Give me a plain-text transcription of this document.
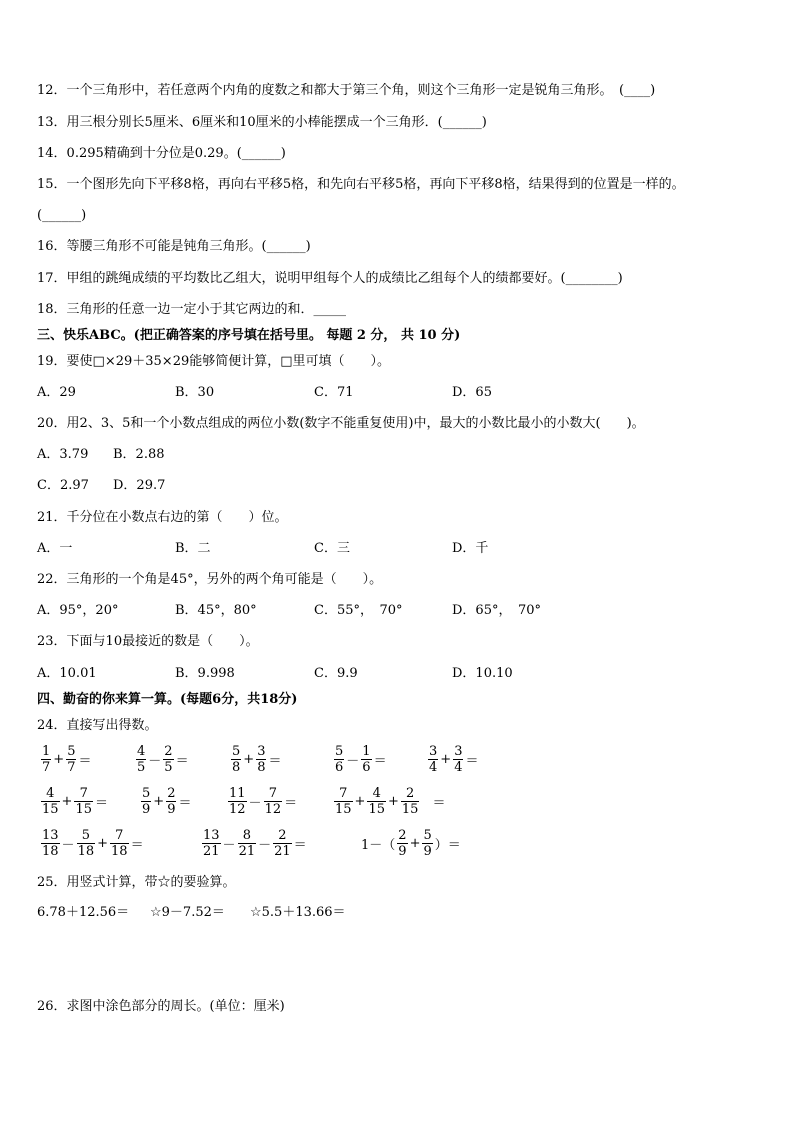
12．一个三角形中，若任意两个内角的度数之和都大于第三个角，则这个三角形一定是锐角三角形。　(____)
13．用三根分别长5厘米、6厘米和10厘米的小棒能摆成一个三角形．(______)
14．0.295精确到十分位是0.29。(______)
15．一个图形先向下平移8格，再向右平移5格，和先向右平移5格，再向下平移8格，结果得到的位置是一样的。
(______)
16．等腰三角形不可能是钝角三角形。(______)
17．甲组的跳绳成绩的平均数比乙组大，说明甲组每个人的成绩比乙组每个人的绩都要好。(________)
18．三角形的任意一边一定小于其它两边的和．_____
三、快乐ABC。(把正确答案的序号填在括号里。 每题 2 分， 共 10 分)
19．要使□×29＋35×29能够简便计算，□里可填（　　）。
A．29	B．30	C．71	D．65
20．用2、3、5和一个小数点组成的两位小数(数字不能重复使用)中，最大的小数比最小的小数大(　　)。
A．3.79 B．2.88
C．2.97 D．29.7
21．千分位在小数点右边的第（　　）位。
A．一	B．二	C．三	D．千
22．三角形的一个角是45°，另外的两个角可能是（　　）。
A．95°，20°	B．45°，80°	C．55°，　70°	D．65°，　70°
23．下面与10最接近的数是（　　）。
A．10.01	B．9.998	C．9.9	D．10.10
四、勤奋的你来算一算。(每题6分，共18分)
24．直接写出得数。
$\frac{1}{7} + \frac{5}{7}$ ＝	$\frac{4}{5} - \frac{2}{5}$ ＝	$\frac{5}{8} + \frac{3}{8}$ ＝	$\frac{5}{6} - \frac{1}{6}$ ＝	$\frac{3}{4} + \frac{3}{4}$ ＝
$\frac{4}{15} + \frac{7}{15}$ ＝	$\frac{5}{9} + \frac{2}{9}$ ＝	$\frac{11}{12} - \frac{7}{12}$ ＝	$\frac{7}{15} + \frac{4}{15} + \frac{2}{15}$ ＝
$\frac{13}{18} - \frac{5}{18} + \frac{7}{18}$ ＝	$\frac{13}{21} - \frac{8}{21} - \frac{2}{21}$ ＝	$1-( \frac{2}{9} + \frac{5}{9}$ ）＝
25．用竖式计算，带☆的要验算。
6.78＋12.56＝ ☆9－7.52＝ ☆5.5＋13.66＝
26．求图中涂色部分的周长。(单位：厘米)
